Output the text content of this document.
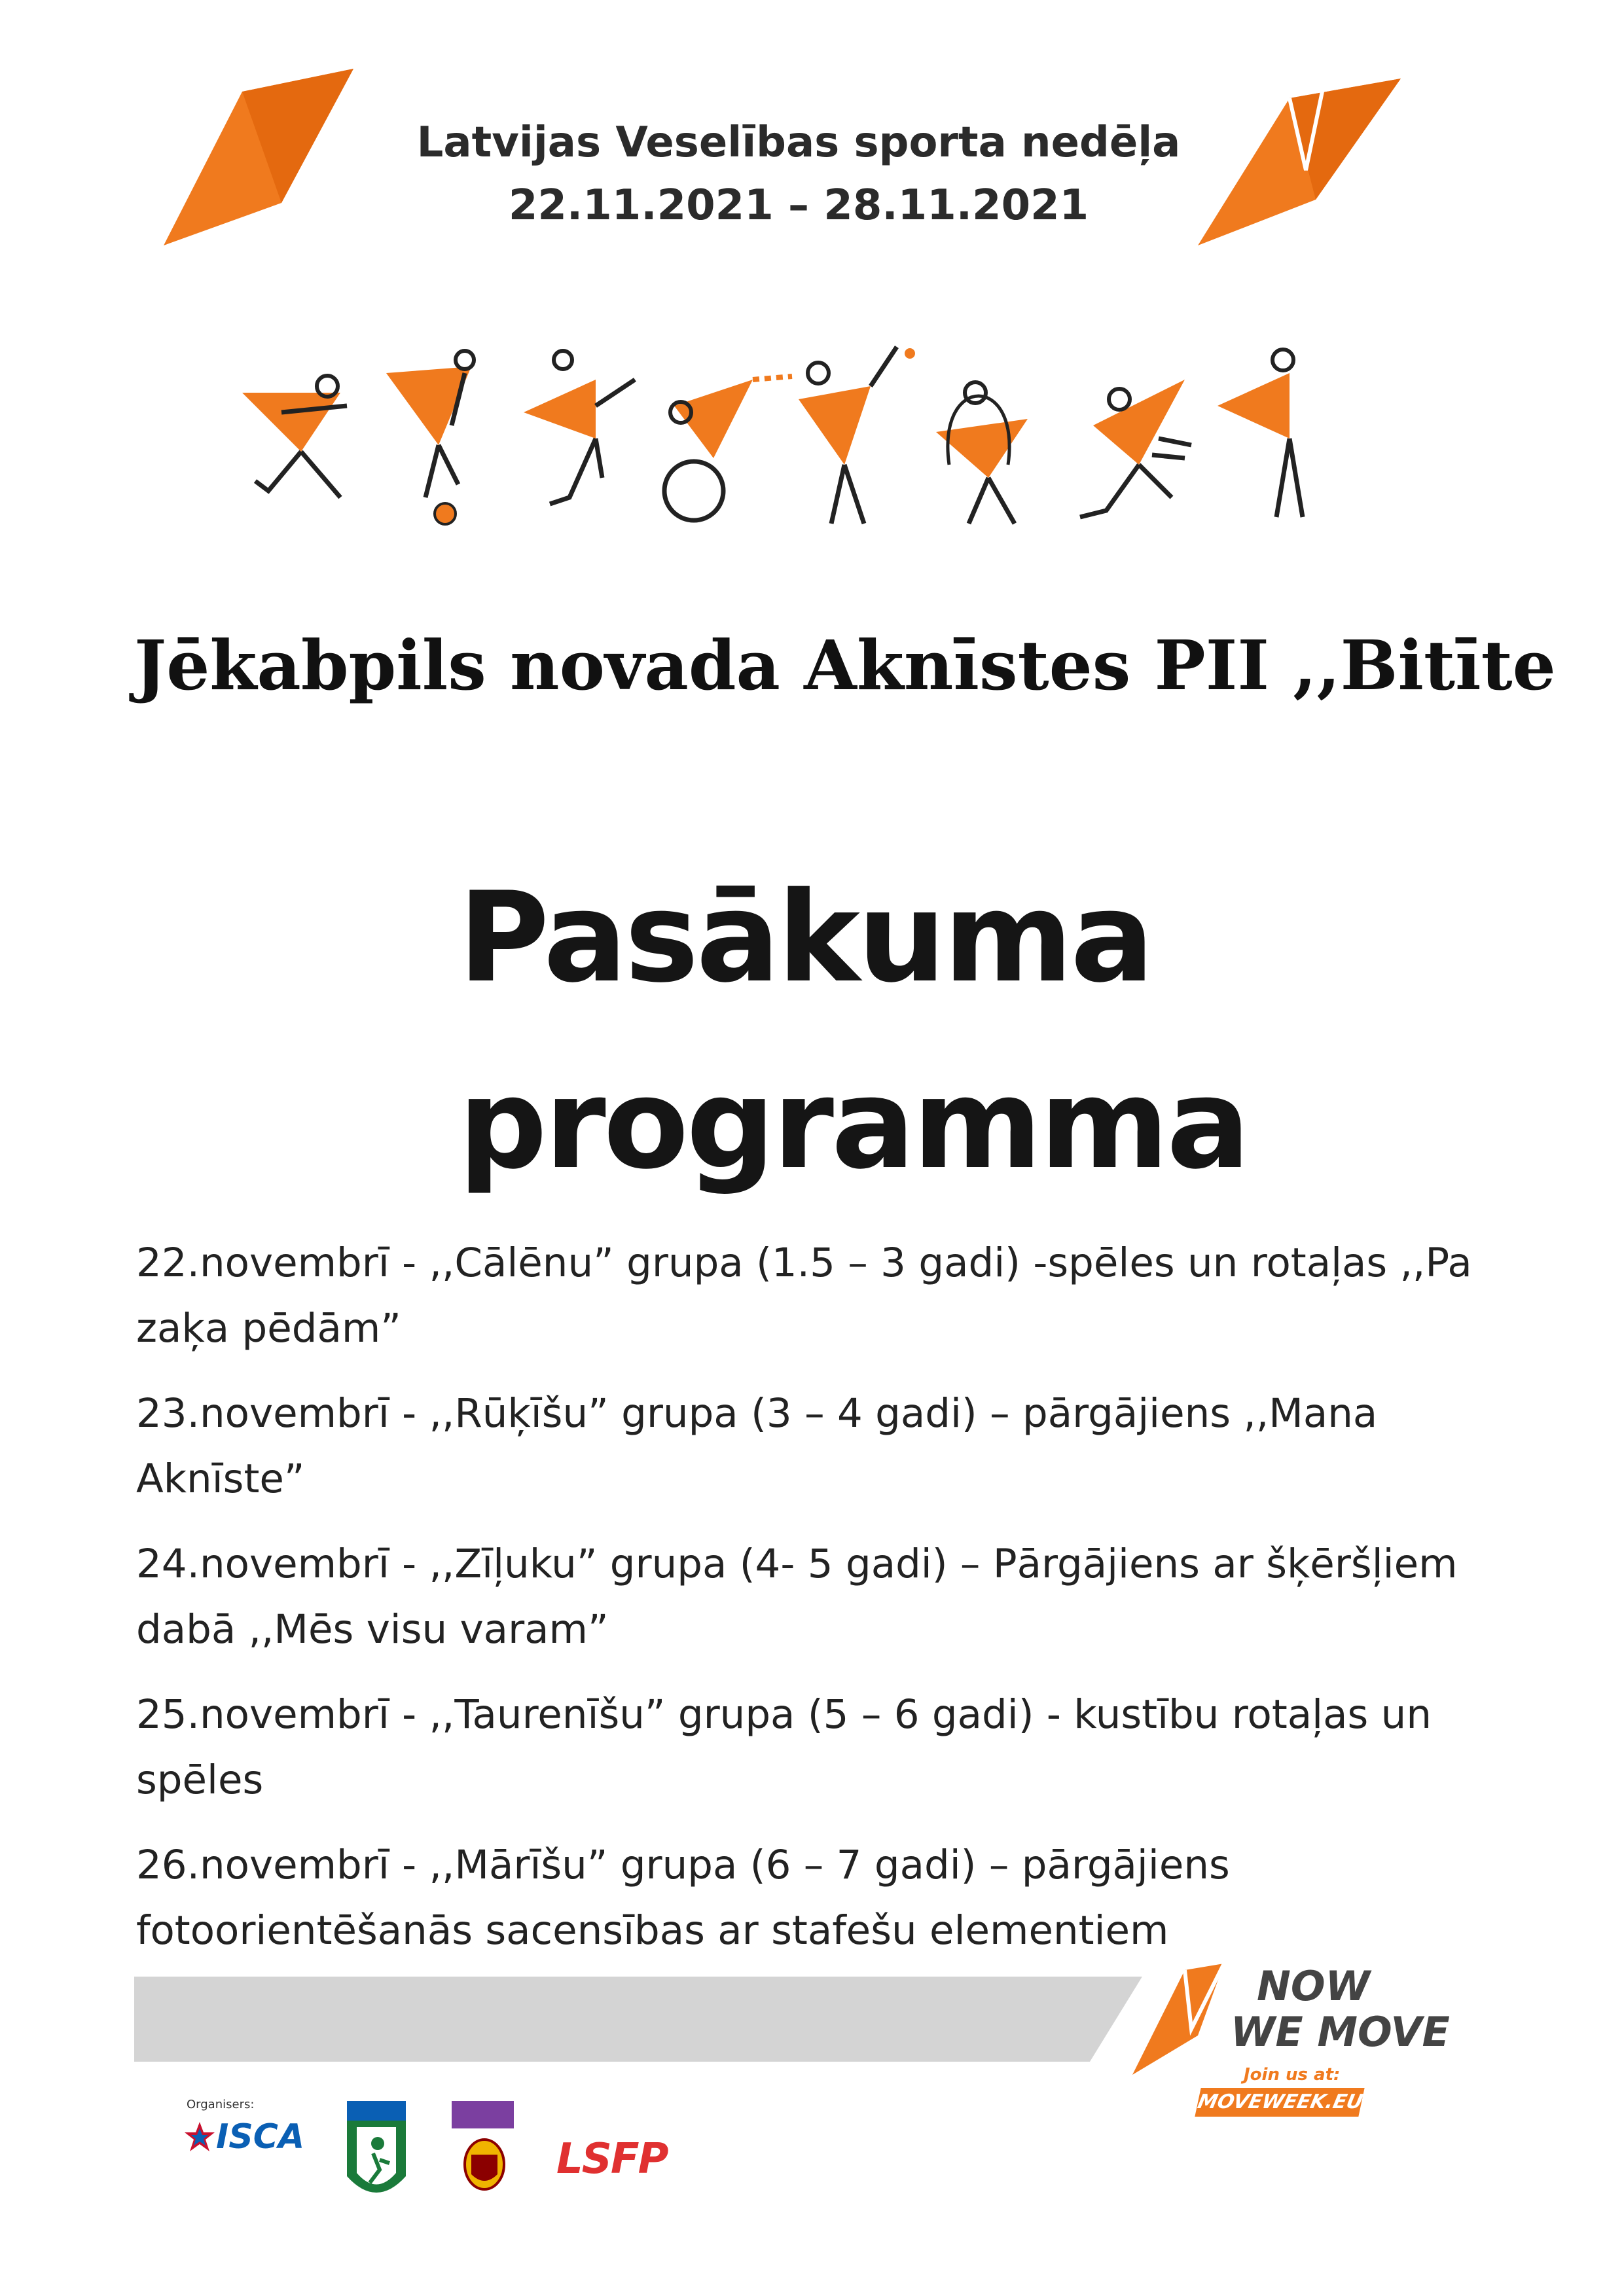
Latvijas Veselības sporta nedēļa
22.11.2021 – 28.11.2021
Jēkabpils novada Aknīstes PII ,,Bitīte
Pasākuma
programma
22.novembrī - ,,Cālēnu” grupa (1.5 – 3 gadi) -spēles un rotaļas ,,Pa zaķa pēdām”
23.novembrī - ,,Rūķīšu” grupa (3 – 4 gadi) – pārgājiens ,,Mana Aknīste”
24.novembrī - ,,Zīļuku” grupa (4- 5 gadi) – Pārgājiens ar šķēršļiem dabā ,,Mēs visu varam”
25.novembrī - ,,Taurenīšu” grupa (5 – 6 gadi) - kustību rotaļas un spēles
26.novembrī - ,,Mārīšu” grupa (6 – 7 gadi) – pārgājiens fotoorientēšanās sacensības ar stafešu elementiem
NOW
WE MOVE
Join us at:
MOVEWEEK.EU
Organisers:
ISCA	LSFP
